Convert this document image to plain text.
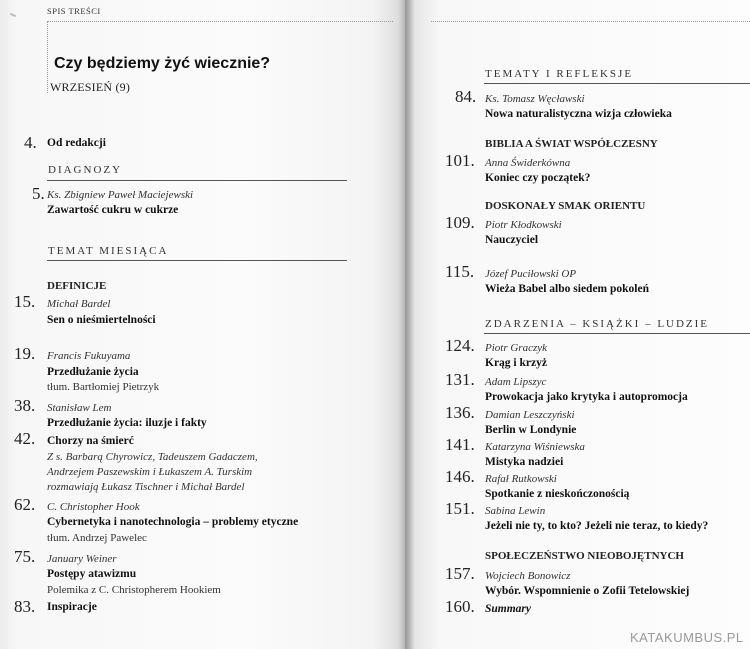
SPIS TREŚCI
Czy będziemy żyć wiecznie?
WRZESIEŃ (9)
4. Od redakcji
DIAGNOZY
5. Ks. Zbigniew Paweł Maciejewski
Zawartość cukru w cukrze
TEMAT MIESIĄCA
DEFINICJE
15. Michał Bardel
Sen o nieśmiertelności
19. Francis Fukuyama
Przedłużanie życia
tłum. Bartłomiej Pietrzyk
38. Stanisław Lem
Przedłużanie życia: iluzje i fakty
42. Chorzy na śmierć
Z s. Barbarą Chyrowicz, Tadeuszem Gadaczem,
Andrzejem Paszewskim i Łukaszem A. Turskim
rozmawiają Łukasz Tischner i Michał Bardel
62. C. Christopher Hook
Cybernetyka i nanotechnologia – problemy etyczne
tłum. Andrzej Pawelec
75. January Weiner
Postępy atawizmu
Polemika z C. Christopherem Hookiem
83. Inspiracje
TEMATY I REFLEKSJE
84. Ks. Tomasz Węcławski
Nowa naturalistyczna wizja człowieka
BIBLIA A ŚWIAT WSPÓŁCZESNY
101. Anna Świderkówna
Koniec czy początek?
DOSKONAŁY SMAK ORIENTU
109. Piotr Kłodkowski
Nauczyciel
115. Józef Puciłowski OP
Wieża Babel albo siedem pokoleń
ZDARZENIA – KSIĄŻKI – LUDZIE
124. Piotr Graczyk
Krąg i krzyż
131. Adam Lipszyc
Prowokacja jako krytyka i autopromocja
136. Damian Leszczyński
Berlin w Londynie
141. Katarzyna Wiśniewska
Mistyka nadziei
146. Rafał Rutkowski
Spotkanie z nieskończonością
151. Sabina Lewin
Jeżeli nie ty, to kto? Jeżeli nie teraz, to kiedy?
SPOŁECZEŃSTWO NIEOBOJĘTNYCH
157. Wojciech Bonowicz
Wybór. Wspomnienie o Zofii Tetelowskiej
160. Summary
KATAKUMBUS.PL
